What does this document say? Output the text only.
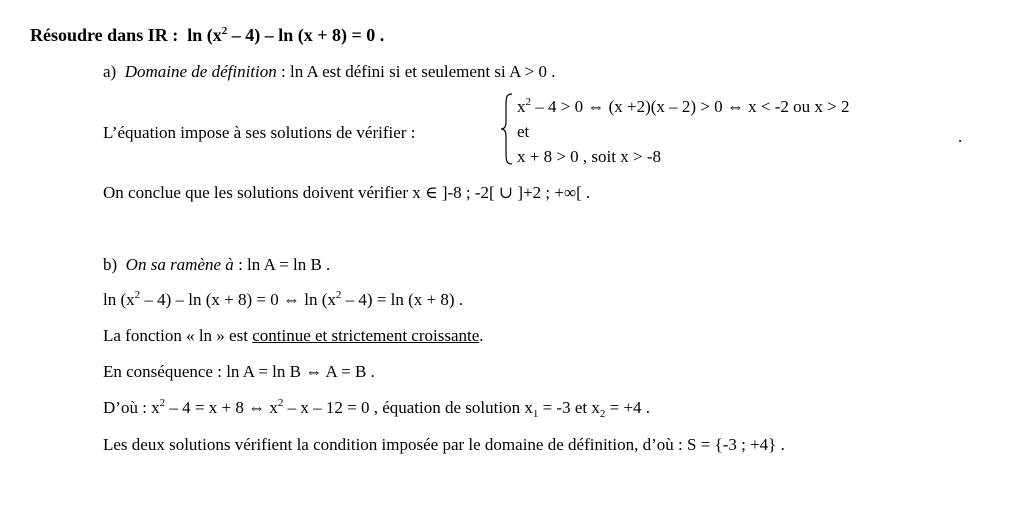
Résoudre dans IR : $\ln (x^2 - 4) - \ln (x + 8) = 0$ .
a) Domaine de définition : ln A est défini si et seulement si A > 0 .
L’équation impose à ses solutions de vérifier :
$x^2 - 4 > 0$ ⇔ (x +2)(x – 2) > 0 ⇔ x < -2 ou x > 2
et
x + 8 > 0 , soit x > -8
.
On conclue que les solutions doivent vérifier x ∈ ]-8 ; -2[ ∪ ]+2 ; +∞[ .
b) On sa ramène à : ln A = ln B .
$\ln (x^2 - 4) - \ln (x + 8) = 0$ ⇔ $\ln (x^2 - 4) = \ln (x + 8)$ .
La fonction « ln » est continue et strictement croissante.
En conséquence : ln A = ln B ⇔ A = B .
D’où : $x^2 - 4 = x + 8$ ⇔ $x^2 - x - 12 = 0$ , équation de solution $x_1 = -3$ et $x_2 = +4$ .
Les deux solutions vérifient la condition imposée par le domaine de définition, d’où : S = {-3 ; +4} .
